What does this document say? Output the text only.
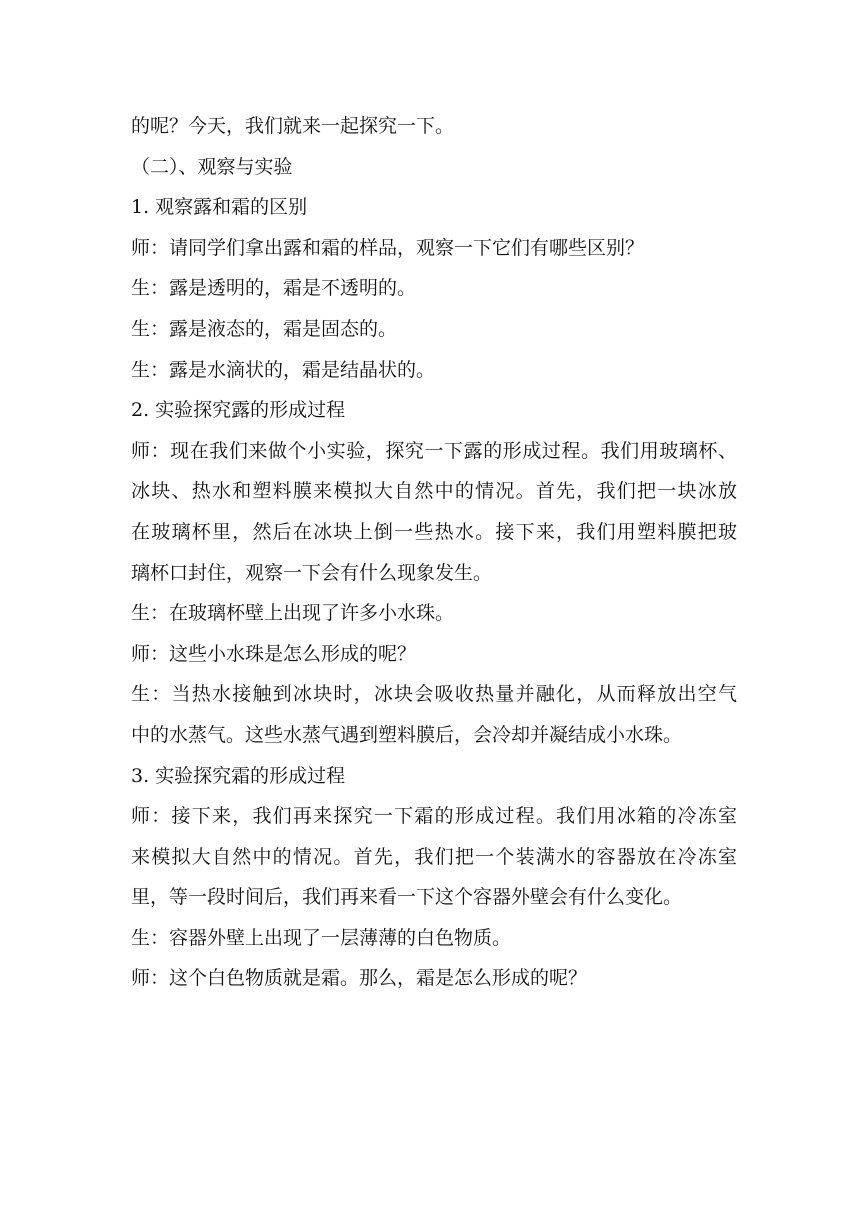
的呢？今天，我们就来一起探究一下。

（二）、观察与实验

1. 观察露和霜的区别

师：请同学们拿出露和霜的样品，观察一下它们有哪些区别？

生：露是透明的，霜是不透明的。

生：露是液态的，霜是固态的。

生：露是水滴状的，霜是结晶状的。

2. 实验探究露的形成过程

师：现在我们来做个小实验，探究一下露的形成过程。我们用玻璃杯、

冰块、热水和塑料膜来模拟大自然中的情况。首先，我们把一块冰放

在玻璃杯里，然后在冰块上倒一些热水。接下来，我们用塑料膜把玻

璃杯口封住，观察一下会有什么现象发生。

生：在玻璃杯壁上出现了许多小水珠。

师：这些小水珠是怎么形成的呢？

生：当热水接触到冰块时，冰块会吸收热量并融化，从而释放出空气

中的水蒸气。这些水蒸气遇到塑料膜后，会冷却并凝结成小水珠。

3. 实验探究霜的形成过程

师：接下来，我们再来探究一下霜的形成过程。我们用冰箱的冷冻室

来模拟大自然中的情况。首先，我们把一个装满水的容器放在冷冻室

里，等一段时间后，我们再来看一下这个容器外壁会有什么变化。

生：容器外壁上出现了一层薄薄的白色物质。

师：这个白色物质就是霜。那么，霜是怎么形成的呢？
